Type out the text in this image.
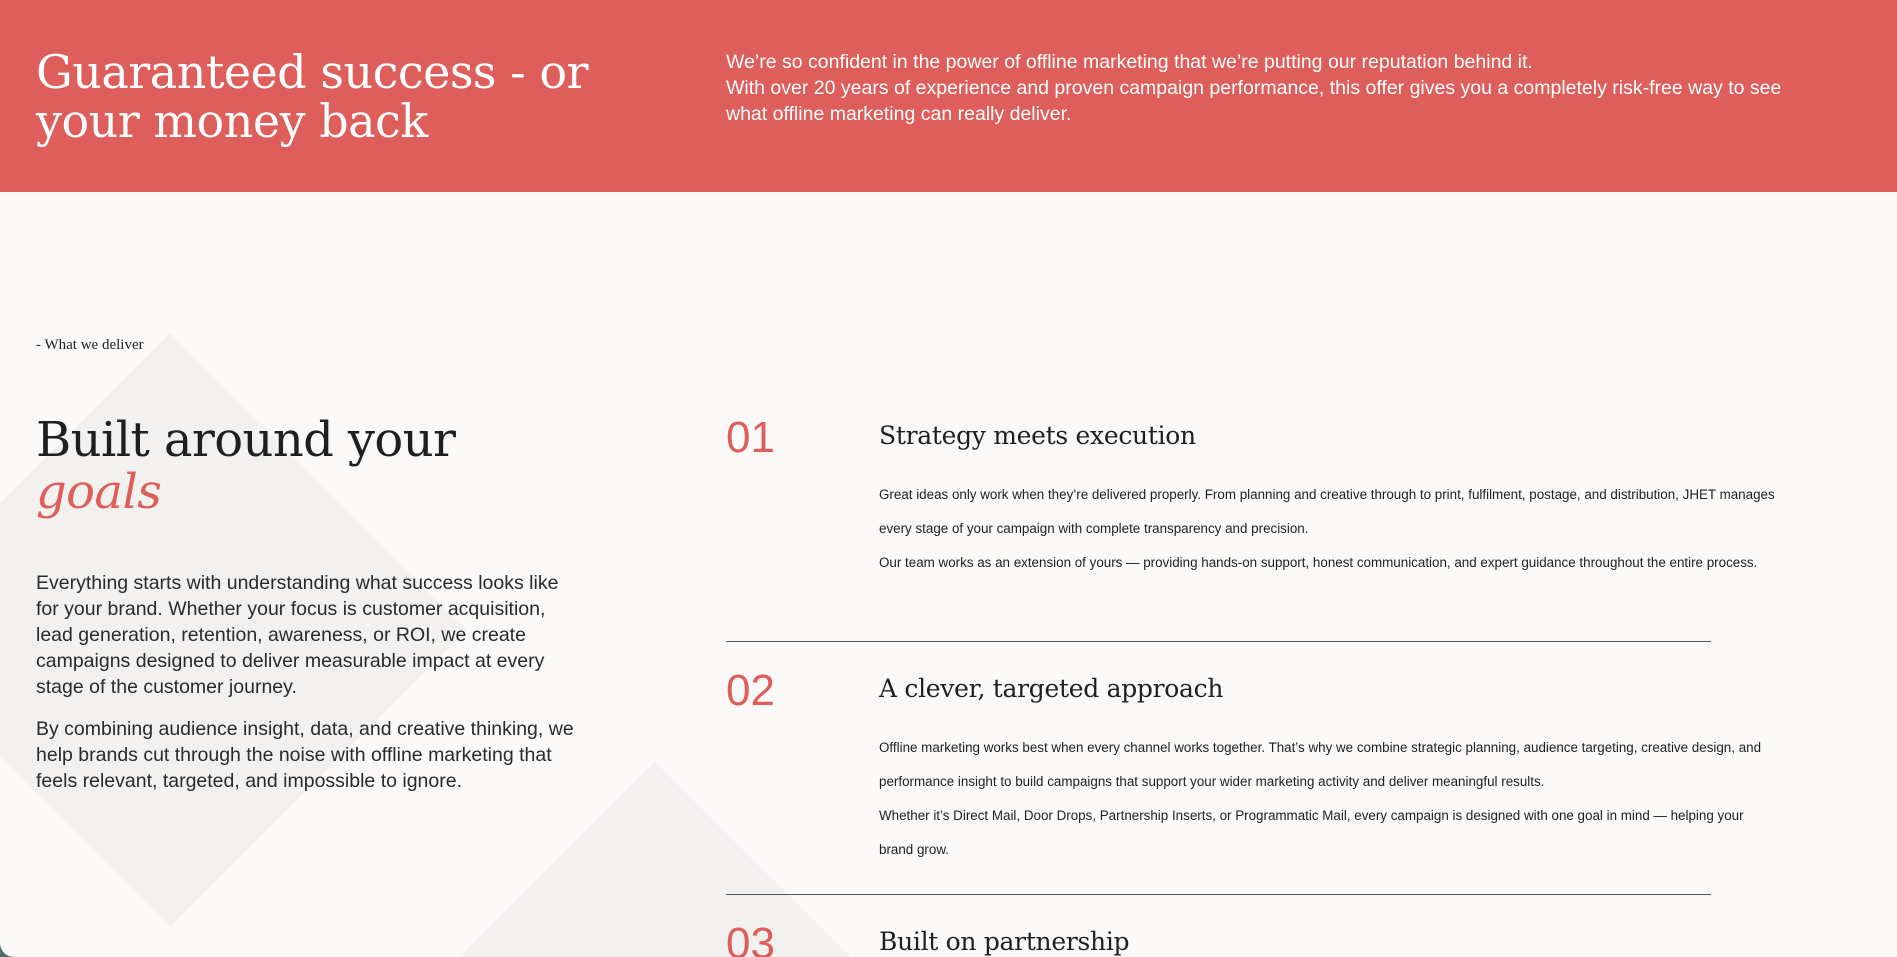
Guaranteed success - or your money back

We’re so confident in the power of offline marketing that we’re putting our reputation behind it.

With over 20 years of experience and proven campaign performance, this offer gives you a completely risk-free way to see what offline marketing can really deliver.

- What we deliver
Built around your
goals

Everything starts with understanding what success looks like for your brand. Whether your focus is customer acquisition, lead generation, retention, awareness, or ROI, we create campaigns designed to deliver measurable impact at every stage of the customer journey.

By combining audience insight, data, and creative thinking, we help brands cut through the noise with offline marketing that feels relevant, targeted, and impossible to ignore.

01	Strategy meets execution

Great ideas only work when they’re delivered properly. From planning and creative through to print, fulfilment, postage, and distribution, JHET manages every stage of your campaign with complete transparency and precision.

Our team works as an extension of yours — providing hands-on support, honest communication, and expert guidance throughout the entire process.

02	A clever, targeted approach

Offline marketing works best when every channel works together. That’s why we combine strategic planning, audience targeting, creative design, and performance insight to build campaigns that support your wider marketing activity and deliver meaningful results.

Whether it’s Direct Mail, Door Drops, Partnership Inserts, or Programmatic Mail, every campaign is designed with one goal in mind — helping your brand grow.

03	Built on partnership
